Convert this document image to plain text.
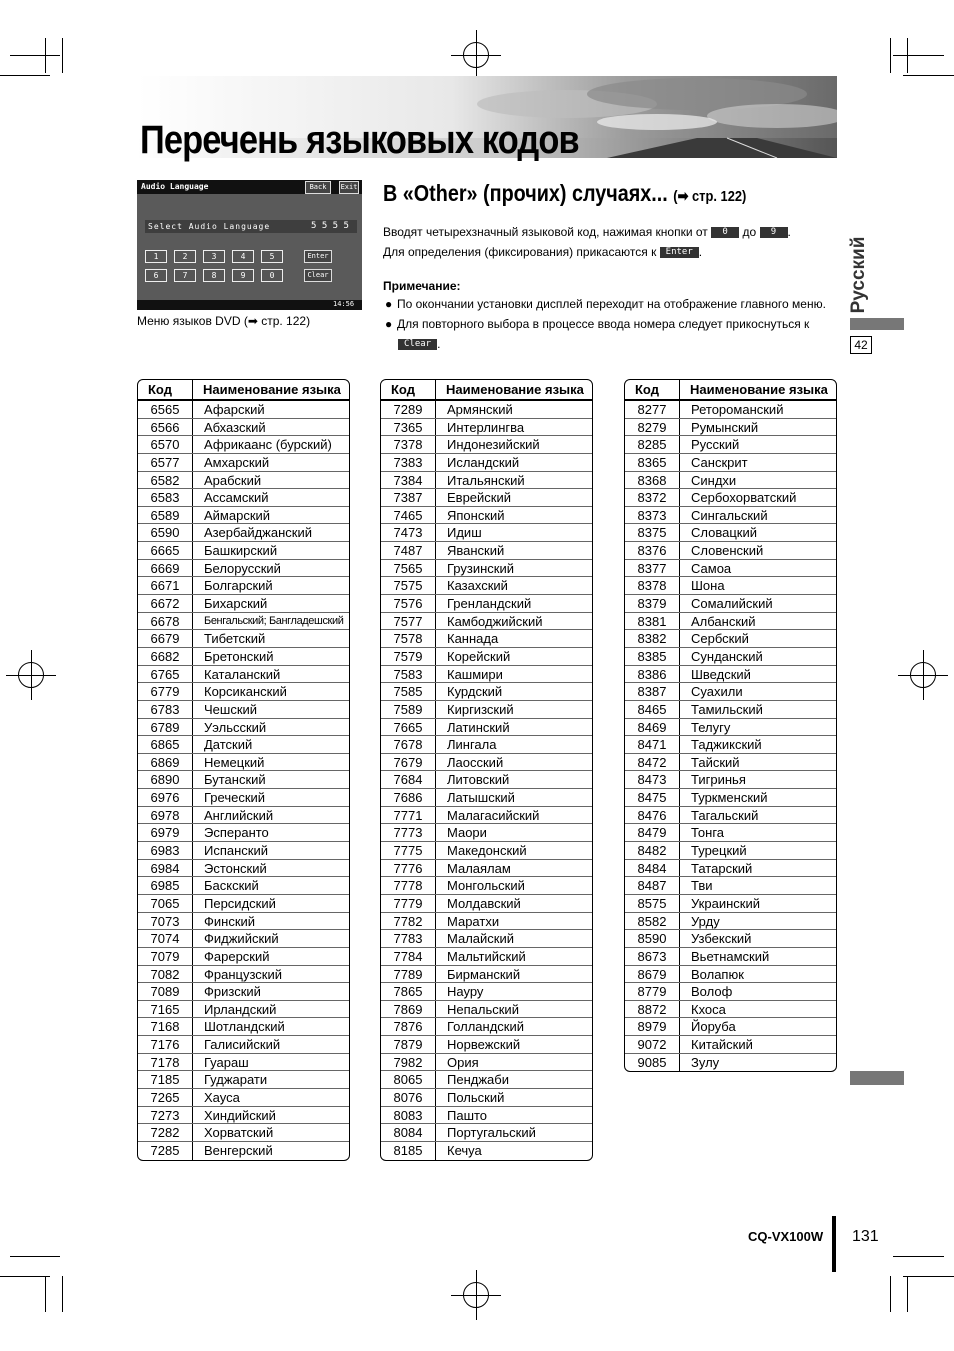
Перечень языковых кодов
Audio Language	Back	Exit
Select Audio Language	5 5 5 5
1	2	3	4	5	Enter
6	7	8	9	0	Clear
14:56
Меню языков DVD (➡ стр. 122)
В «Other» (прочих) случаях... (➡ стр. 122)
Вводят четырехзначный языковой код, нажимая кнопки от 0 до 9 .
Для определения (фиксирования) прикасаются к Enter .
Примечание:
● По окончании установки дисплей переходит на отображение главного меню.
● Для повторного выбора в процессе ввода номера следует прикоснуться к
Clear .
Русский
42
Код	Наименование языка
6565	Афарский
6566	Абхазский
6570	Африкаанс (бурский)
6577	Амхарский
6582	Арабский
6583	Ассамский
6589	Аймарский
6590	Азербайджанский
6665	Башкирский
6669	Белорусский
6671	Болгарский
6672	Бихарский
6678	Бенгальский; Бангладешский
6679	Тибетский
6682	Бретонский
6765	Каталанский
6779	Корсиканский
6783	Чешский
6789	Уэльсский
6865	Датский
6869	Немецкий
6890	Бутанский
6976	Греческий
6978	Английский
6979	Эсперанто
6983	Испанский
6984	Эстонский
6985	Баскский
7065	Персидский
7073	Финский
7074	Фиджийский
7079	Фарерский
7082	Французский
7089	Фризский
7165	Ирландский
7168	Шотландский
7176	Галисийский
7178	Гуараш
7185	Гуджарати
7265	Хауса
7273	Хиндийский
7282	Хорватский
7285	Венгерский
Код	Наименование языка
7289	Армянский
7365	Интерлингва
7378	Индонезийский
7383	Исландский
7384	Итальянский
7387	Еврейский
7465	Японский
7473	Идиш
7487	Яванский
7565	Грузинский
7575	Казахский
7576	Гренландский
7577	Камбоджийский
7578	Каннада
7579	Корейский
7583	Кашмири
7585	Курдский
7589	Киргизский
7665	Латинский
7678	Лингала
7679	Лаосский
7684	Литовский
7686	Латышский
7771	Малагасийский
7773	Маори
7775	Македонский
7776	Малаялам
7778	Монгольский
7779	Молдавский
7782	Маратхи
7783	Малайский
7784	Мальтийский
7789	Бирманский
7865	Науру
7869	Непальский
7876	Голландский
7879	Норвежский
7982	Ория
8065	Пенджаби
8076	Польский
8083	Пашто
8084	Португальский
8185	Кечуа
Код	Наименование языка
8277	Ретороманский
8279	Румынский
8285	Русский
8365	Санскрит
8368	Синдхи
8372	Сербохорватский
8373	Сингальский
8375	Словацкий
8376	Словенский
8377	Самоа
8378	Шона
8379	Сомалийский
8381	Албанский
8382	Сербский
8385	Сунданский
8386	Шведский
8387	Суахили
8465	Тамильский
8469	Телугу
8471	Таджикский
8472	Тайский
8473	Тигринья
8475	Туркменский
8476	Тагальский
8479	Тонга
8482	Турецкий
8484	Татарский
8487	Тви
8575	Украинский
8582	Урду
8590	Узбекский
8673	Вьетнамский
8679	Волапюк
8779	Волоф
8872	Кхоса
8979	Йоруба
9072	Китайский
9085	Зулу
CQ-VX100W 131
